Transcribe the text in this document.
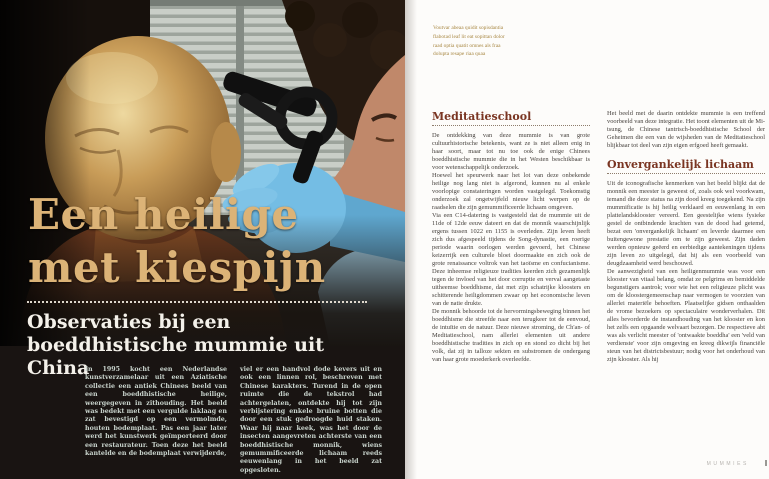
Een heilige
met kiespijn
Observaties bij een boeddhistische mummie uit China

In 1995 kocht een Nederlandse kunstverzamelaar uit een Aziatische collectie een antiek Chinees beeld van een boeddhistische heilige, weergegeven in zithouding. Het beeld was bedekt met een vergulde laklaag en zat bevestigd op een vermolmde, houten bodemplaat. Pas een jaar later werd het kunstwerk geïmporteerd door een restaurateur. Toen deze het beeld kantelde en de bodemplaat verwijderde,

viel er een handvol dode kevers uit en ook een linnen rol, beschreven met Chinese karakters. Turend in de open ruimte die de tekstrol had achtergelaten, ontdekte hij tot zijn verbijstering enkele bruine botten die door een stuk gedroogde huid staken. Waar hij naar keek, was het door de insecten aangevreten achterste van een boeddhistische monnik, wiens gemummificeerde lichaam reeds eeuwenlang in het beeld zat opgesloten.

Voutvar abeaa quidit sopisdantia flabotad leaf lit eat sopittan dolor raad optia quatit omnes als fraa dolupta resape riaa quaa

Meditatieschool

De ontdekking van deze mummie is van grote cultuurhistorische betekenis, want ze is niet alleen enig in haar soort, maar tot nu toe ook de enige Chinees boeddhistische mummie die in het Westen beschikbaar is voor wetenschappelijk onderzoek.

Hoewel het speurwerk naar het lot van deze onbekende heilige nog lang niet is afgerond, kunnen nu al enkele voorlopige constateringen worden vastgelegd. Toekomstig onderzoek zal ongetwijfeld nieuw licht werpen op de raadselen die zijn gemummificeerde lichaam omgeven.

Via een C14-datering is vastgesteld dat de mummie uit de 11de of 12de eeuw dateert en dat de monnik waarschijnlijk ergens tussen 1022 en 1155 is overleden. Zijn leven heeft zich dus afgespeeld tijdens de Song-dynastie, een roerige periode waarin oorlogen werden gevoerd, het Chinese keizerrijk een culturele bloei doormaakte en zich ook de grote renaissance voltrok van het taoïsme en confucianisme. Deze inheemse religieuze tradities keerden zich gezamenlijk tegen de invloed van het door corruptie en verval aangetaste uitheemse boeddhisme, dat met zijn schatrijke kloosters en schitterende heiligdommen zwaar op het economische leven van de natie drukte.

De monnik behoorde tot de hervormingsbeweging binnen het boeddhisme die streefde naar een terugkeer tot de eenvoud, de intuïtie en de natuur. Deze nieuwe stroming, de Ch'an- of Meditatieschool, nam allerlei elementen uit andere boeddhistische tradities in zich op en stond zo dicht bij het volk, dat zij in talloze sekten en substromen de ondergang van haar grote moederkerk overleefde.

Het beeld met de daarin ontdekte mummie is een treffend voorbeeld van deze integratie. Het toont elementen uit de Mi-tsung, de Chinese tantrisch-boeddhistische School der Geheimen die een van de wijsheden van de Meditatieschool blijkbaar tot deel van zijn eigen erfgoed heeft gemaakt.

Onvergankelijk lichaam

Uit de iconografische kenmerken van het beeld blijkt dat de monnik een meester is geweest of, zoals ook wel voorkwam, iemand die deze status na zijn dood kreeg toegekend. Na zijn mummificatie is hij heilig verklaard en eeuwenlang in een plattelandsklooster vereerd. Een geestelijke wiens fysieke gestel de ontbindende krachten van de dood had getemd, bezat een 'onvergankelijk lichaam' en leverde daarmee een buitengewone prestatie om te zijn geweest. Zijn daden werden opnieuw geëerd en eerbiedige aantekeningen tijdens zijn leven zo uitgelegd, dat hij als een voorbeeld van deugdzaamheid werd beschouwd.

De aanwezigheid van een heiligenmummie was voor een klooster van vitaal belang, omdat ze pelgrims en bemiddelde begunstigers aantrok; voor wie het een religieuze plicht was om de kloostergemeenschap naar vermogen te voorzien van allerlei materiële behoeften. Plaatselijke gidsen onthaalden de vrome bezoekers op spectaculaire wonderverhalen. Dit alles bevorderde de instandhouding van het klooster en kon het zelfs een opgaande welvaart bezorgen. De respectieve abt was als verlicht meester of 'ontwaakte boeddha' een 'veld van verdienste' voor zijn omgeving en kreeg dikwijls financiële steun van het districtsbestuur; nodig voor het onderhoud van zijn klooster. Als hij

MUMMIES
